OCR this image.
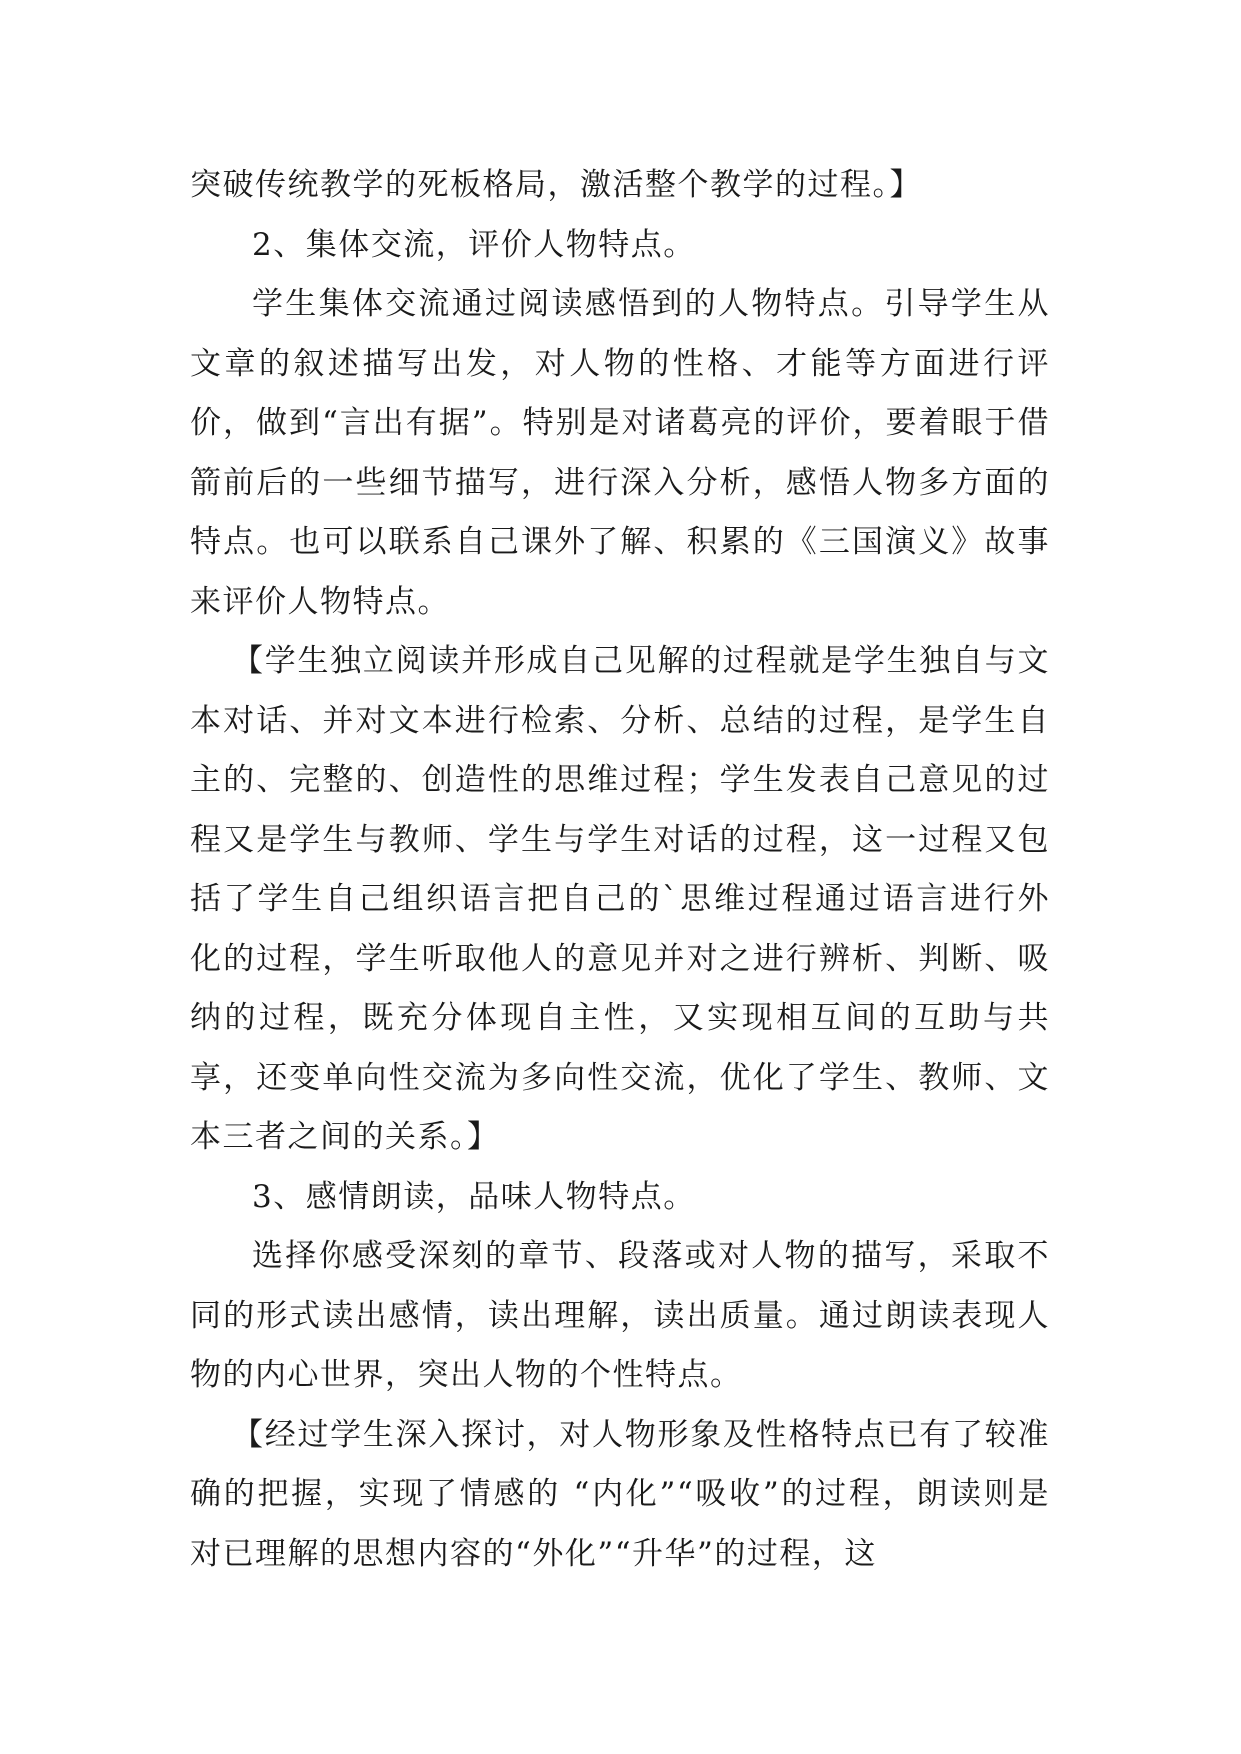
突破传统教学的死板格局，激活整个教学的过程。】

2、集体交流，评价人物特点。

学生集体交流通过阅读感悟到的人物特点。引导学生从文章的叙述描写出发，对人物的性格、才能等方面进行评价，做到“言出有据”。特别是对诸葛亮的评价，要着眼于借箭前后的一些细节描写，进行深入分析，感悟人物多方面的特点。也可以联系自己课外了解、积累的《三国演义》故事来评价人物特点。

【学生独立阅读并形成自己见解的过程就是学生独自与文本对话、并对文本进行检索、分析、总结的过程，是学生自主的、完整的、创造性的思维过程；学生发表自己意见的过程又是学生与教师、学生与学生对话的过程，这一过程又包括了学生自己组织语言把自己的`思维过程通过语言进行外化的过程，学生听取他人的意见并对之进行辨析、判断、吸纳的过程，既充分体现自主性，又实现相互间的互助与共享，还变单向性交流为多向性交流，优化了学生、教师、文本三者之间的关系。】

3、感情朗读，品味人物特点。

选择你感受深刻的章节、段落或对人物的描写，采取不同的形式读出感情，读出理解，读出质量。通过朗读表现人物的内心世界，突出人物的个性特点。

【经过学生深入探讨，对人物形象及性格特点已有了较准确的把握，实现了情感的 “内化”“吸收”的过程，朗读则是对已理解的思想内容的“外化”“升华”的过程，这
